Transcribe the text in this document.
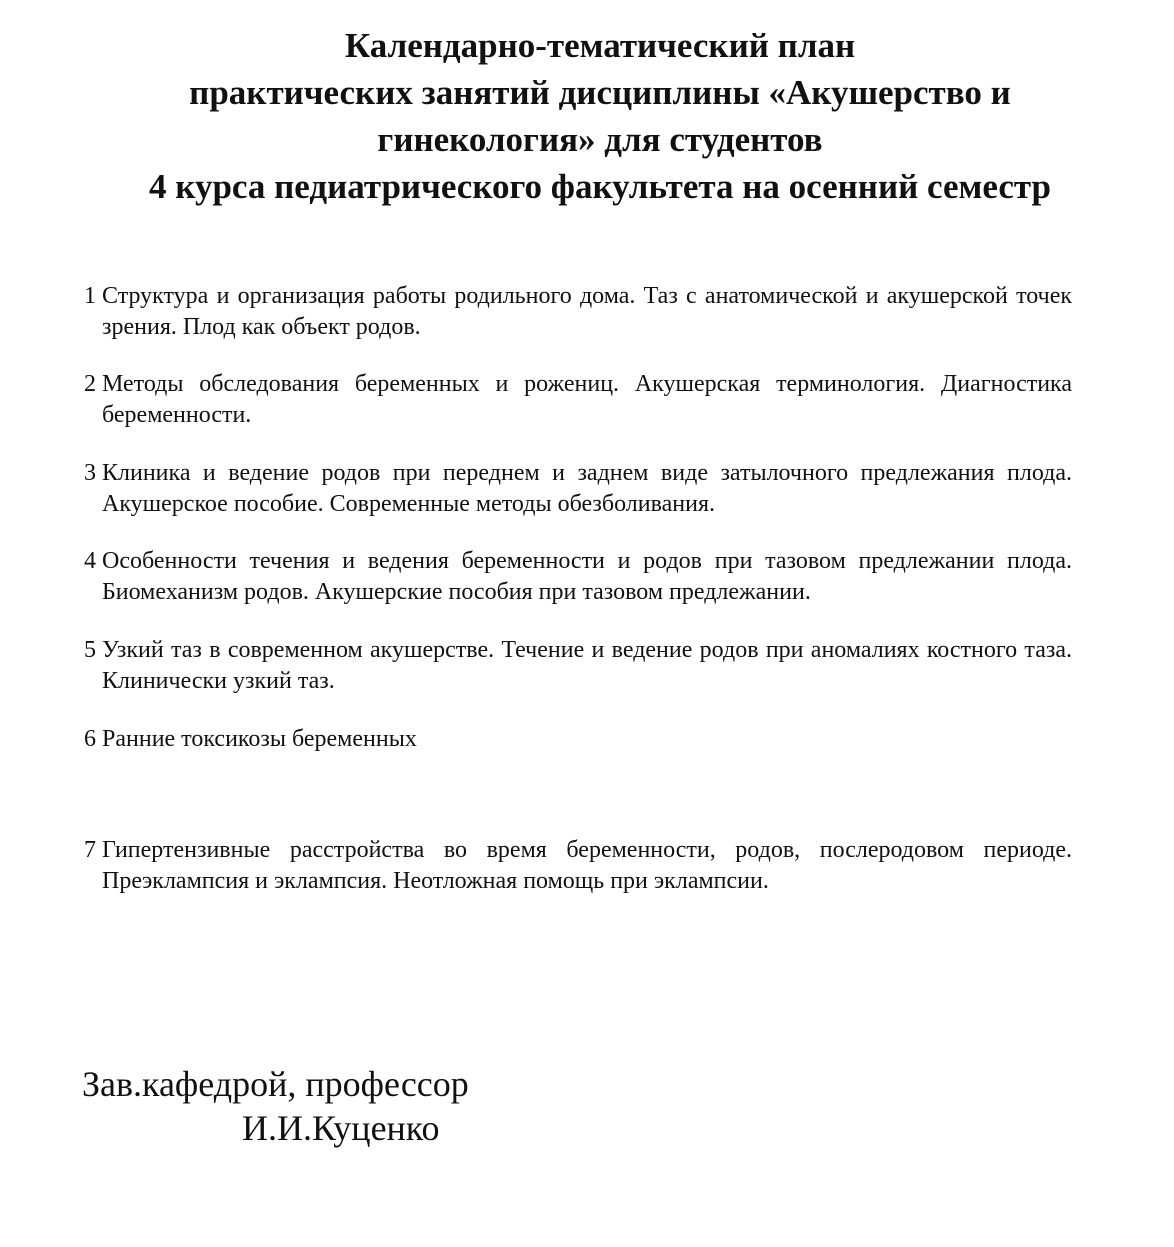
Календарно-тематический план
практических занятий дисциплины «Акушерство и
гинекология» для студентов
4 курса педиатрического факультета на осенний семестр
1 Структура и организация работы родильного дома. Таз с анатомической и акушерской точек зрения. Плод как объект родов.
2 Методы обследования беременных и рожениц. Акушерская терминология. Диагностика беременности.
3 Клиника и ведение родов при переднем и заднем виде затылочного предлежания плода. Акушерское пособие. Современные методы обезболивания.
4 Особенности течения и ведения беременности и родов при тазовом предлежании плода. Биомеханизм родов. Акушерские пособия при тазовом предлежании.
5 Узкий таз в современном акушерстве. Течение и ведение родов при аномалиях костного таза. Клинически узкий таз.
6 Ранние токсикозы беременных
7 Гипертензивные расстройства во время беременности, родов, послеродовом периоде. Преэклампсия и эклампсия. Неотложная помощь при эклампсии.
Зав.кафедрой, профессор
И.И.Куценко
